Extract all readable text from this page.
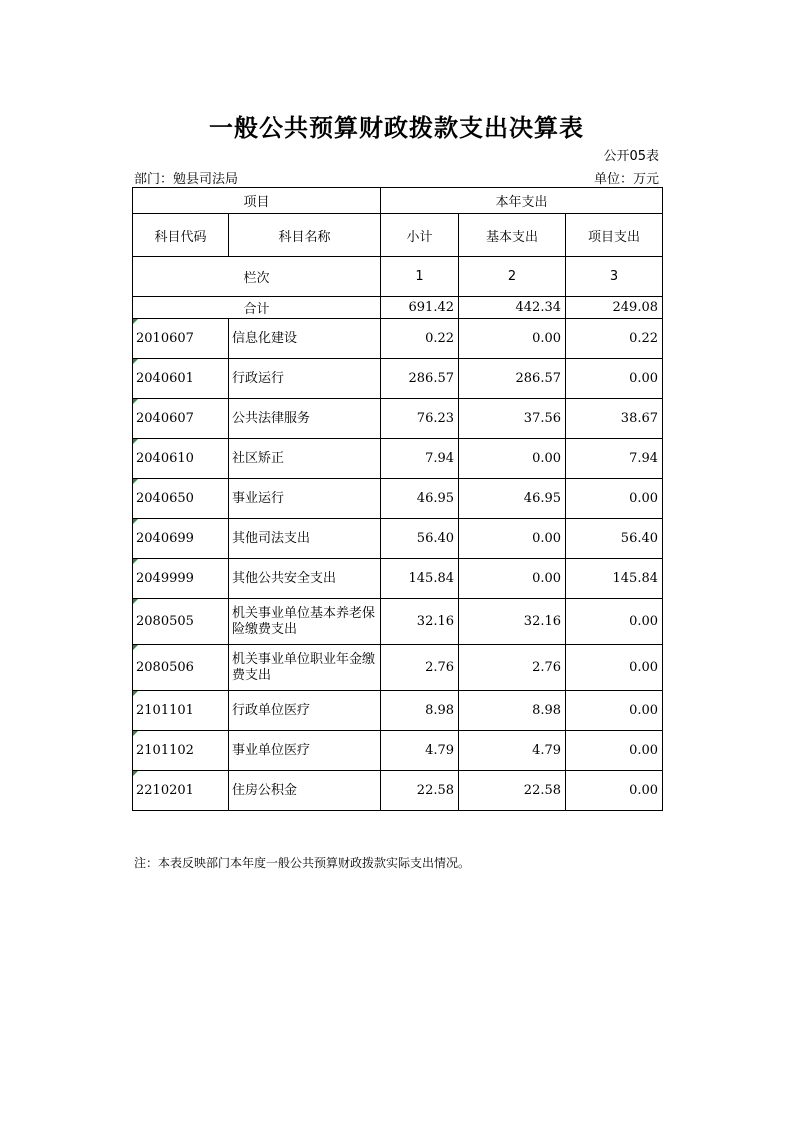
一般公共预算财政拨款支出决算表
公开05表
部门：勉县司法局	单位：万元
项目		本年支出		
科目代码	科目名称	小计	基本支出	项目支出
栏次		1	2	3
合计		691.42	442.34	249.08

2010607	信息化建设	0.22	0.00	0.22

2040601	行政运行	286.57	286.57	0.00

2040607	公共法律服务	76.23	37.56	38.67

2040610	社区矫正	7.94	0.00	7.94

2040650	事业运行	46.95	46.95	0.00

2040699	其他司法支出	56.40	0.00	56.40

2049999	其他公共安全支出	145.84	0.00	145.84

2080505	机关事业单位基本养老保险缴费支出	32.16	32.16	0.00

2080506	机关事业单位职业年金缴费支出	2.76	2.76	0.00

2101101	行政单位医疗	8.98	8.98	0.00

2101102	事业单位医疗	4.79	4.79	0.00

2210201	住房公积金	22.58	22.58	0.00
注：本表反映部门本年度一般公共预算财政拨款实际支出情况。
